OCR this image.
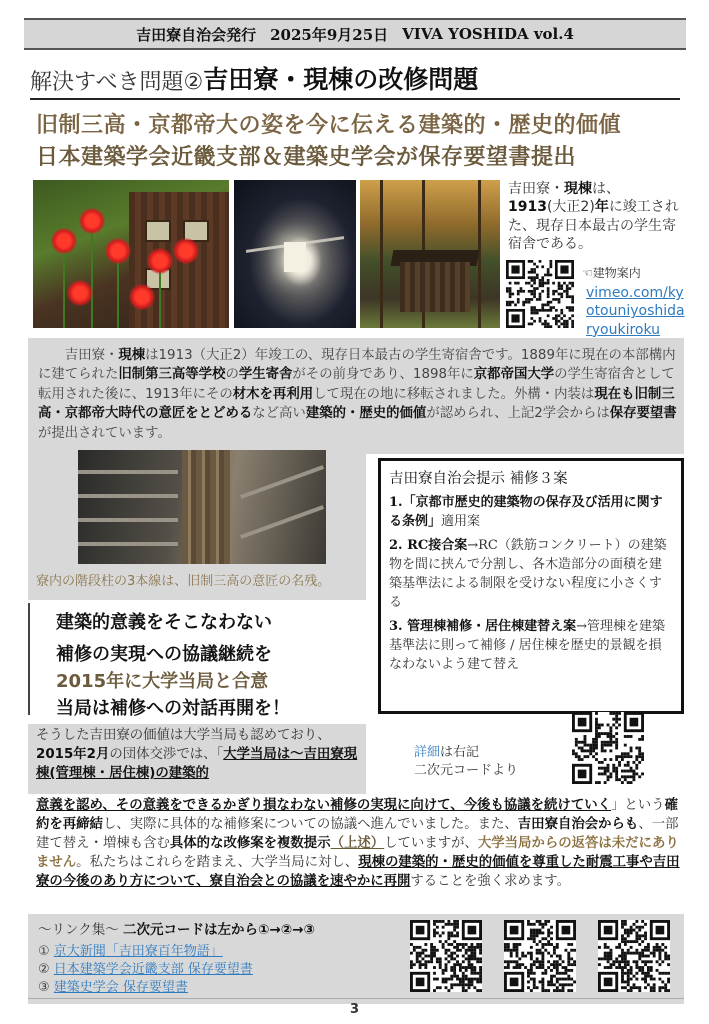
吉田寮自治会発行 2025年9月25日 VIVA YOSHIDA vol.4
解決すべき問題② 吉田寮・現棟の改修問題
旧制三高・京都帝大の姿を今に伝える建築的・歴史的価値
日本建築学会近畿支部＆建築史学会が保存要望書提出
吉田寮・現棟は、
1913(大正2)年に竣工された、現存日本最古の学生寄宿舎である。
☜建物案内
vimeo.com/kyotouniyoshidaryoukiroku
吉田寮・現棟は1913（大正2）年竣工の、現存日本最古の学生寄宿舎です。1889年に現在の本部構内に建てられた旧制第三高等学校の学生寄舎がその前身であり、1898年に京都帝国大学の学生寄宿舎として転用された後に、1913年にその材木を再利用して現在の地に移転されました。外構・内装は現在も旧制三高・京都帝大時代の意匠をとどめるなど高い建築的・歴史的価値が認められ、上記2学会からは保存要望書が提出されています。
寮内の階段柱の3本線は、旧制三高の意匠の名残。
建築的意義をそこなわない
補修の実現への協議継続を
2015年に大学当局と合意
当局は補修への対話再開を！
吉田寮自治会提示 補修３案
1.「京都市歴史的建築物の保存及び活用に関する条例」適用案
2. RC接合案→RC（鉄筋コンクリート）の建築物を間に挟んで分割し、各木造部分の面積を建築基準法による制限を受けない程度に小さくする
3. 管理棟補修・居住棟建替え案→管理棟を建築基準法に則って補修 / 居住棟を歴史的景観を損なわないよう建て替え
そうした吉田寮の価値は大学当局も認めており、2015年2月の団体交渉では、「大学当局は～吉田寮現棟(管理棟・居住棟)の建築的
詳細は右記
二次元コードより
意義を認め、その意義をできるかぎり損なわない補修の実現に向けて、今後も協議を続けていく」という確約を再締結し、実際に具体的な補修案についての協議へ進んでいました。また、吉田寮自治会からも、一部建て替え・増棟も含む具体的な改修案を複数提示（上述）していますが、大学当局からの返答は未だにありません。私たちはこれらを踏まえ、大学当局に対し、現棟の建築的・歴史的価値を尊重した耐震工事や吉田寮の今後のあり方について、寮自治会との協議を速やかに再開することを強く求めます。
～リンク集～ 二次元コードは左から①→②→③
① 京大新聞「吉田寮百年物語」
② 日本建築学会近畿支部 保存要望書
③ 建築史学会 保存要望書
3
